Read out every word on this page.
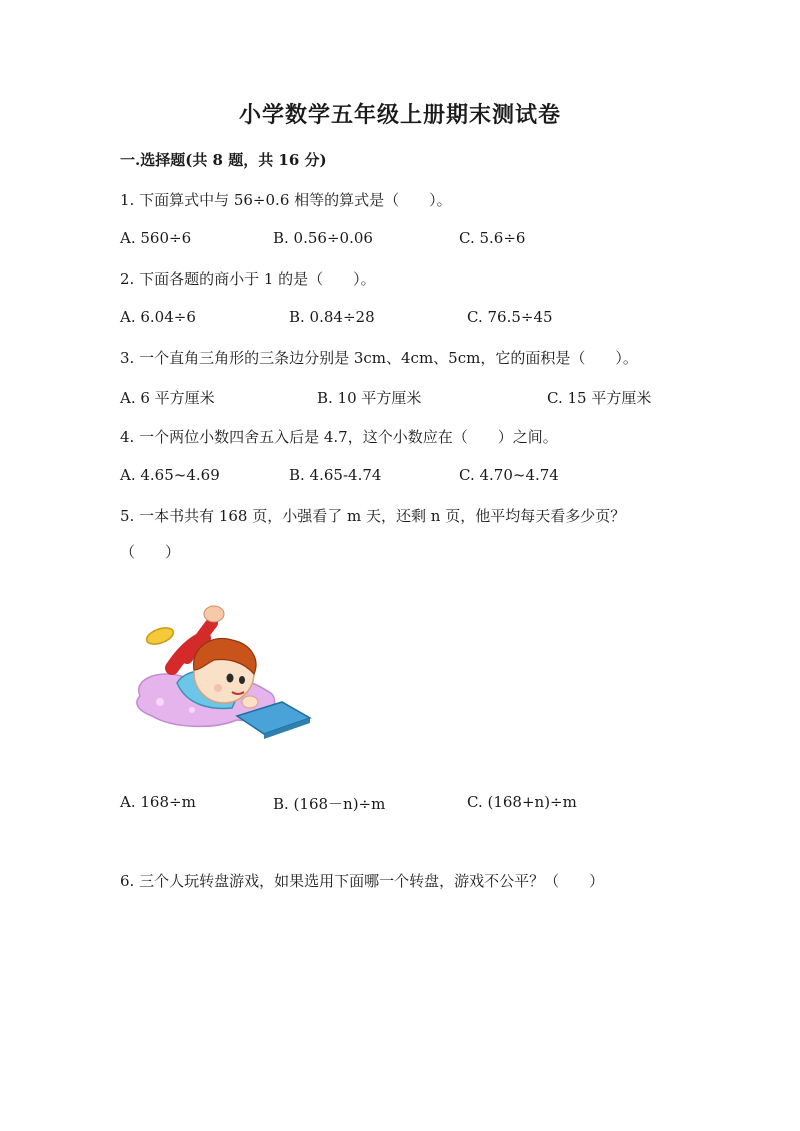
小学数学五年级上册期末测试卷
一.选择题(共 8 题，共 16 分)
1. 下面算式中与 56÷0.6 相等的算式是（　　）。
A. 560÷6	B. 0.56÷0.06	C. 5.6÷6
2. 下面各题的商小于 1 的是（　　）。
A. 6.04÷6	B. 0.84÷28	C. 76.5÷45
3. 一个直角三角形的三条边分别是 3cm、4cm、5cm，它的面积是（　　）。
A. 6 平方厘米	B. 10 平方厘米	C. 15 平方厘米
4. 一个两位小数四舍五入后是 4.7，这个小数应在（　　）之间。
A. 4.65~4.69	B. 4.65-4.74	C. 4.70~4.74
5. 一本书共有 168 页，小强看了 m 天，还剩 n 页，他平均每天看多少页？
（　　）
A. 168÷m	B. (168－n)÷m	C. (168+n)÷m
6. 三个人玩转盘游戏，如果选用下面哪一个转盘，游戏不公平？（　　）
